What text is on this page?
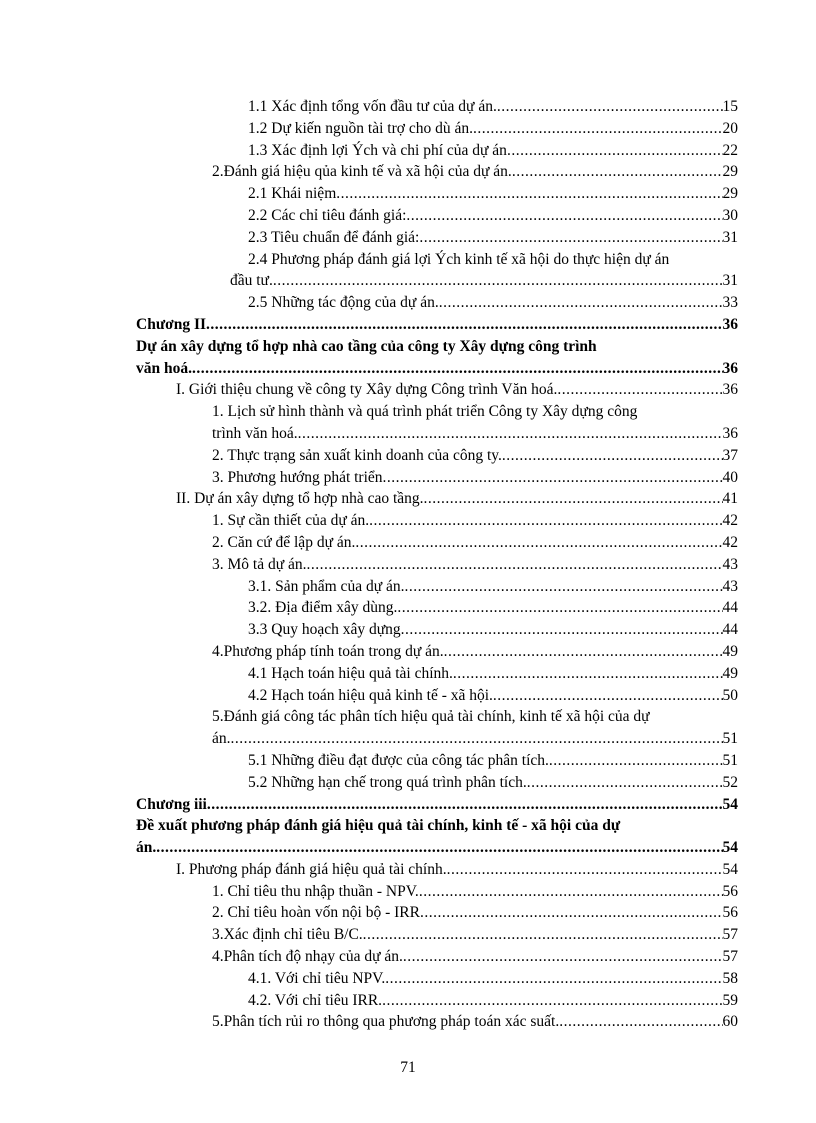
1.1 Xác định tổng vốn đầu tư của dự án. .....	15
1.2 Dự kiến nguồn tài trợ cho dù án. .....	20
1.3 Xác định lợi Ých và chi phí của dự án .....	22
2.Đánh giá hiệu qủa kinh tế và xã hội của dự án. .....	29
2.1 Khái niệm .....	29
2.2 Các chỉ tiêu đánh giá: .....	30
2.3 Tiêu chuẩn để đánh giá: .....	31
2.4 Phương pháp đánh giá lợi Ých kinh tế xã hội do thực hiện dự án
đầu tư. .....	31
2.5 Những tác động của dự án. .....	33
Chương II .....	36
Dự án xây dựng tổ hợp nhà cao tầng của công ty Xây dựng công trình
văn hoá. .....	36
I. Giới thiệu chung về công ty Xây dựng Công trình Văn hoá. .....	36
1. Lịch sử hình thành và quá trình phát triển Công ty Xây dựng công
trình văn hoá. .....	36
2. Thực trạng sản xuất kinh doanh của công ty. .....	37
3. Phương hướng phát triển .....	40
II. Dự án xây dựng tổ hợp nhà cao tầng. .....	41
1. Sự cần thiết của dự án. .....	42
2. Căn cứ để lập dự án. .....	42
3. Mô tả dự án. .....	43
3.1. Sản phẩm của dự án. .....	43
3.2. Địa điểm xây dùng. .....	44
3.3 Quy hoạch xây dựng .....	44
4.Phương pháp tính toán trong dự án. .....	49
4.1 Hạch toán hiệu quả tài chính. .....	49
4.2 Hạch toán hiệu quả kinh tế - xã hội. .....	50
5.Đánh giá công tác phân tích hiệu quả tài chính, kinh tế xã hội của dự
án. .....	51
5.1 Những điều đạt được của công tác phân tích. .....	51
5.2 Những hạn chế trong quá trình phân tích. .....	52
Chương iii .....	54
Đề xuất phương pháp đánh giá hiệu quả tài chính, kinh tế - xã hội của dự
án. .....	54
I. Phương pháp đánh giá hiệu quả tài chính. .....	54
1. Chỉ tiêu thu nhập thuần - NPV. .....	56
2. Chỉ tiêu hoàn vốn nội bộ - IRR .....	56
3.Xác định chỉ tiêu B/C. .....	57
4.Phân tích độ nhạy của dự án. .....	57
4.1. Với chỉ tiêu NPV. .....	58
4.2. Với chỉ tiêu IRR. .....	59
5.Phân tích rủi ro thông qua phương pháp toán xác suất. .....	60
71
